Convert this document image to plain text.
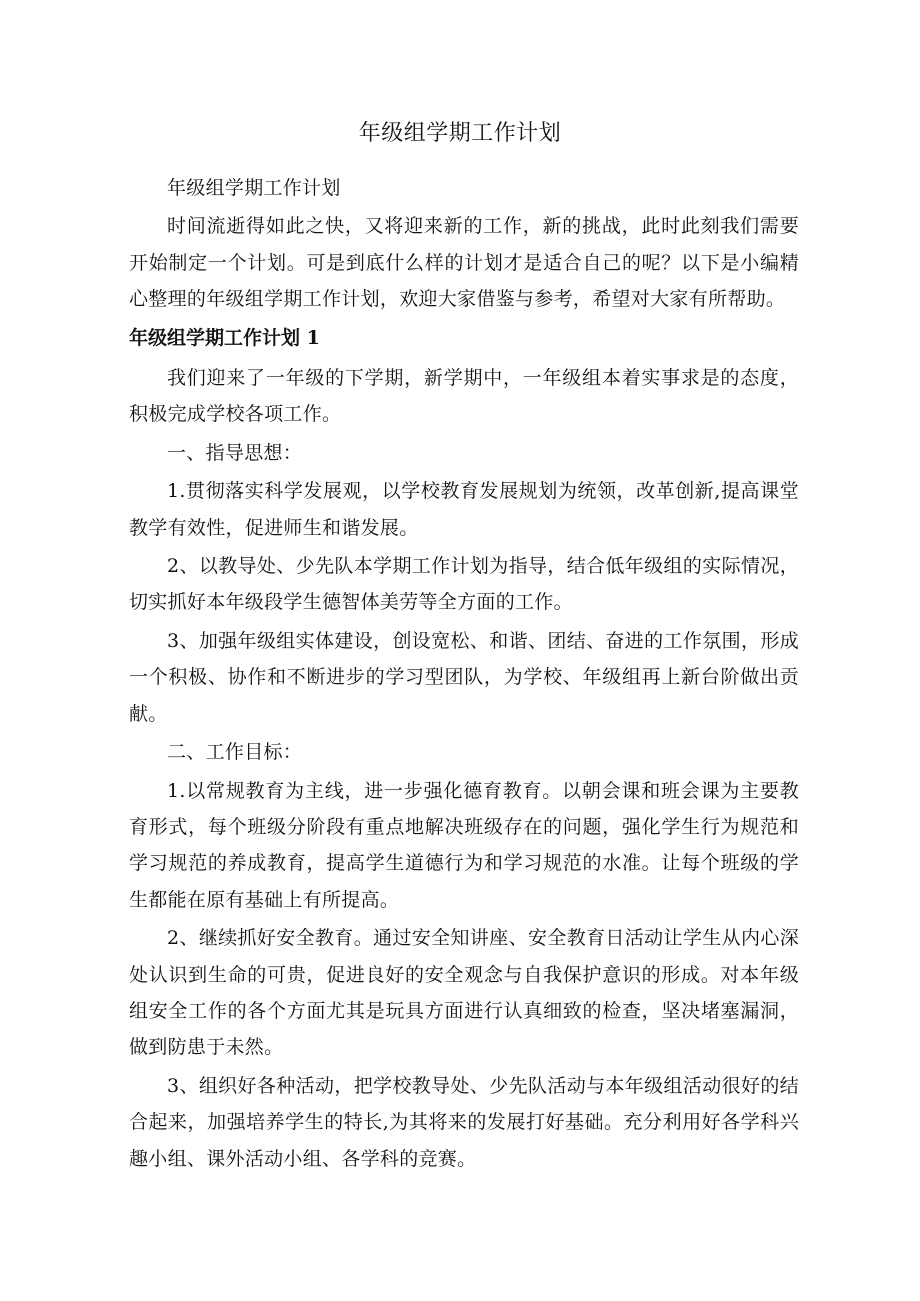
年级组学期工作计划

年级组学期工作计划

时间流逝得如此之快，又将迎来新的工作，新的挑战，此时此刻我们需要开始制定一个计划。可是到底什么样的计划才是适合自己的呢？以下是小编精心整理的年级组学期工作计划，欢迎大家借鉴与参考，希望对大家有所帮助。

年级组学期工作计划 1

我们迎来了一年级的下学期，新学期中，一年级组本着实事求是的态度，积极完成学校各项工作。

一、指导思想：

1.贯彻落实科学发展观，以学校教育发展规划为统领，改革创新,提高课堂教学有效性，促进师生和谐发展。

2、以教导处、少先队本学期工作计划为指导，结合低年级组的实际情况，切实抓好本年级段学生德智体美劳等全方面的工作。

3、加强年级组实体建设，创设宽松、和谐、团结、奋进的工作氛围，形成一个积极、协作和不断进步的学习型团队，为学校、年级组再上新台阶做出贡献。

二、工作目标：

1.以常规教育为主线，进一步强化德育教育。以朝会课和班会课为主要教育形式，每个班级分阶段有重点地解决班级存在的问题，强化学生行为规范和学习规范的养成教育，提高学生道德行为和学习规范的水准。让每个班级的学生都能在原有基础上有所提高。

2、继续抓好安全教育。通过安全知讲座、安全教育日活动让学生从内心深处认识到生命的可贵，促进良好的安全观念与自我保护意识的形成。对本年级组安全工作的各个方面尤其是玩具方面进行认真细致的检查，坚决堵塞漏洞，做到防患于未然。

3、组织好各种活动，把学校教导处、少先队活动与本年级组活动很好的结合起来，加强培养学生的特长,为其将来的发展打好基础。充分利用好各学科兴趣小组、课外活动小组、各学科的竞赛。
